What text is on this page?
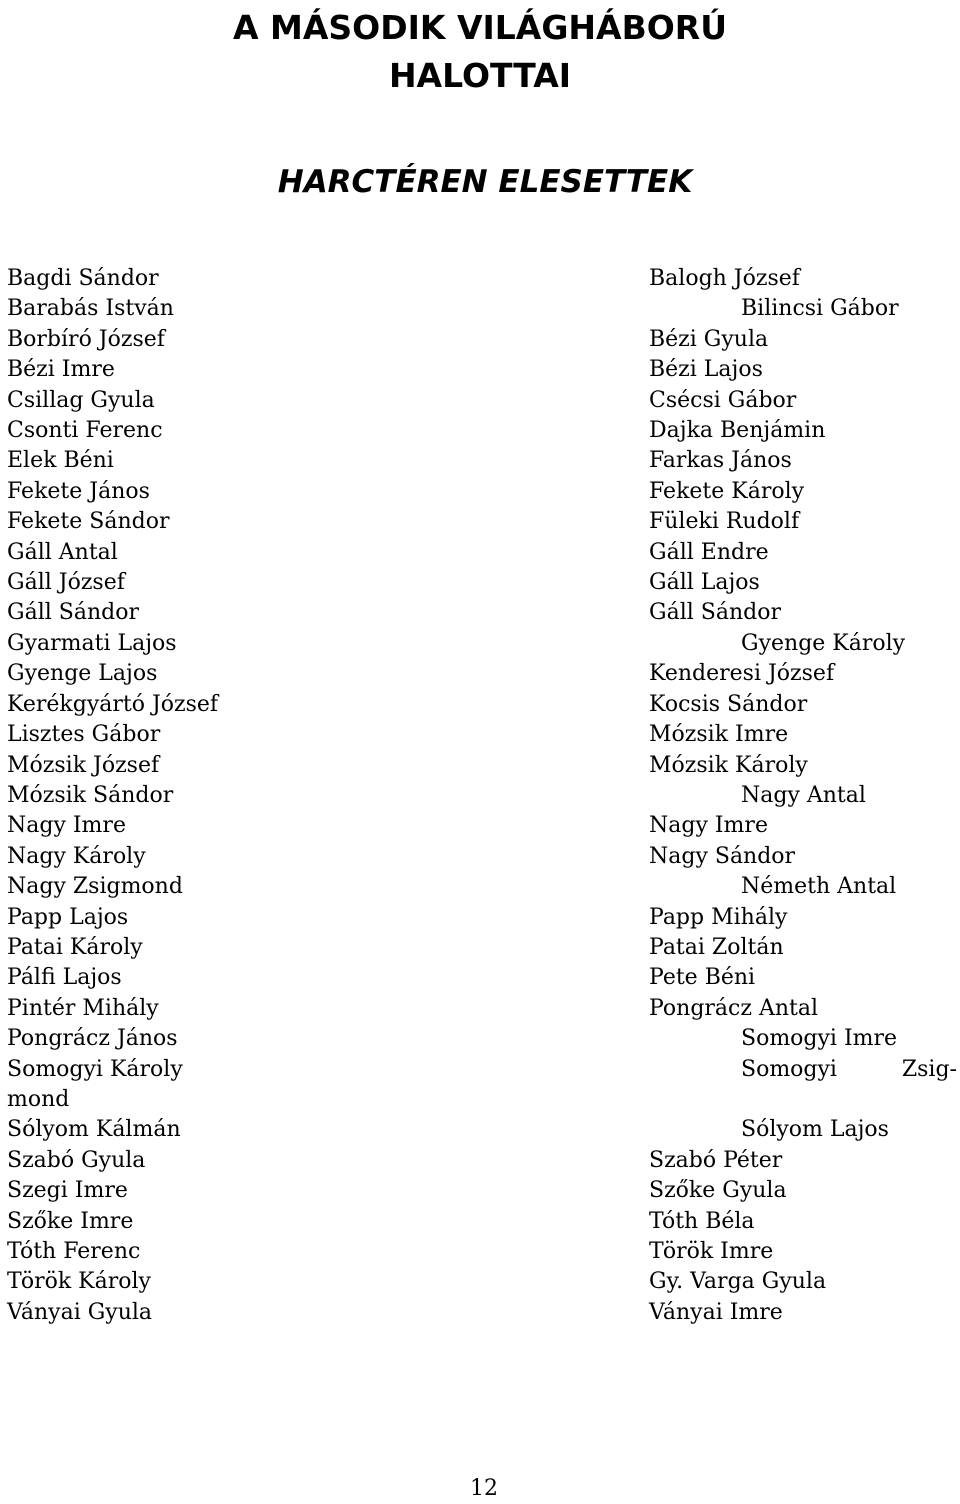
A MÁSODIK VILÁGHÁBORÚ
HALOTTAI
HARCTÉREN ELESETTEK
Bagdi Sándor
Barabás István
Borbíró József
Bézi Imre
Csillag Gyula
Csonti Ferenc
Elek Béni
Fekete János
Fekete Sándor
Gáll Antal
Gáll József
Gáll Sándor
Gyarmati Lajos
Gyenge Lajos
Kerékgyártó József
Lisztes Gábor
Mózsik József
Mózsik Sándor
Nagy Imre
Nagy Károly
Nagy Zsigmond
Papp Lajos
Patai Károly
Pálfi Lajos
Pintér Mihály
Pongrácz János
Somogyi Károly
mond
Sólyom Kálmán
Szabó Gyula
Szegi Imre
Szőke Imre
Tóth Ferenc
Török Károly
Ványai Gyula
Balogh József
Bilincsi Gábor
Bézi Gyula
Bézi Lajos
Csécsi Gábor
Dajka Benjámin
Farkas János
Fekete Károly
Füleki Rudolf
Gáll Endre
Gáll Lajos
Gáll Sándor
Gyenge Károly
Kenderesi József
Kocsis Sándor
Mózsik Imre
Mózsik Károly
Nagy Antal
Nagy Imre
Nagy Sándor
Németh Antal
Papp Mihály
Patai Zoltán
Pete Béni
Pongrácz Antal
Somogyi Imre
Somogyi	Zsig-
Sólyom Lajos
Szabó Péter
Szőke Gyula
Tóth Béla
Török Imre
Gy. Varga Gyula
Ványai Imre

12
